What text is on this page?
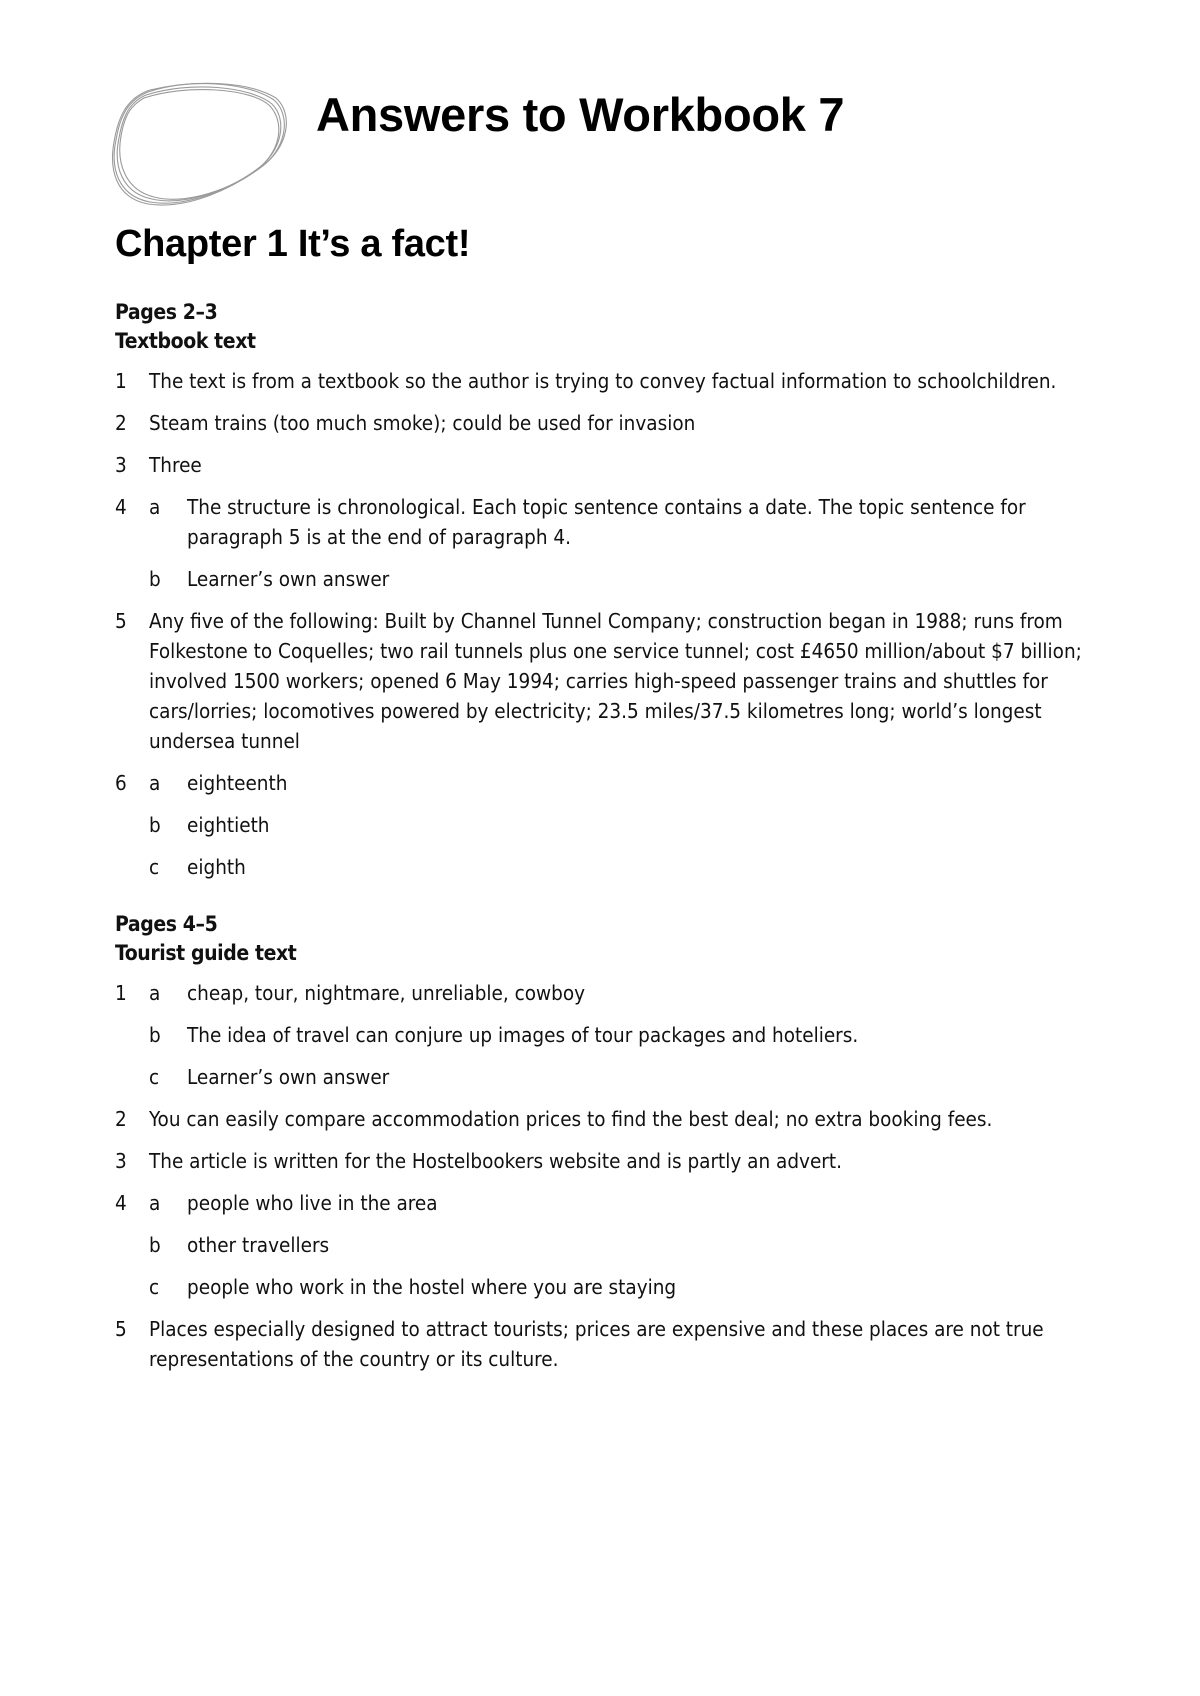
Answers to Workbook 7
Chapter 1 It’s a fact!
Pages 2–3
Textbook text
1	The text is from a textbook so the author is trying to convey factual information to schoolchildren.
2	Steam trains (too much smoke); could be used for invasion
3	Three
4	a	The structure is chronological. Each topic sentence contains a date. The topic sentence for paragraph 5 is at the end of paragraph 4.
b	Learner’s own answer
5	Any five of the following: Built by Channel Tunnel Company; construction began in 1988; runs from Folkestone to Coquelles; two rail tunnels plus one service tunnel; cost £4650 million/about $7 billion; involved 1500 workers; opened 6 May 1994; carries high-speed passenger trains and shuttles for cars/lorries; locomotives powered by electricity; 23.5 miles/37.5 kilometres long; world’s longest undersea tunnel
6	a	eighteenth
b	eightieth
c	eighth
Pages 4–5
Tourist guide text
1	a	cheap, tour, nightmare, unreliable, cowboy
b	The idea of travel can conjure up images of tour packages and hoteliers.
c	Learner’s own answer
2	You can easily compare accommodation prices to find the best deal; no extra booking fees.
3	The article is written for the Hostelbookers website and is partly an advert.
4	a	people who live in the area
b	other travellers
c	people who work in the hostel where you are staying
5	Places especially designed to attract tourists; prices are expensive and these places are not true representations of the country or its culture.
